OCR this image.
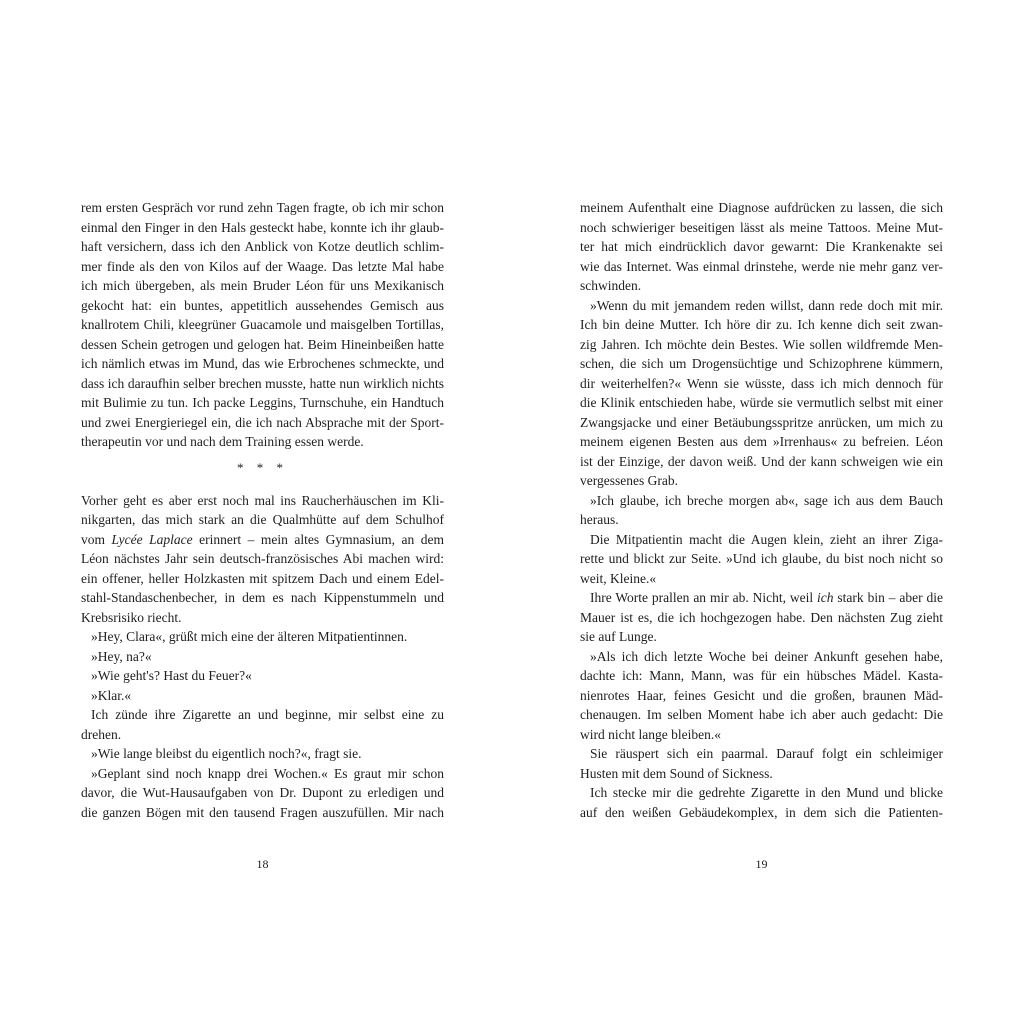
rem ersten Gespräch vor rund zehn Tagen fragte, ob ich mir schon
einmal den Finger in den Hals gesteckt habe, konnte ich ihr glaub-
haft versichern, dass ich den Anblick von Kotze deutlich schlim-
mer finde als den von Kilos auf der Waage. Das letzte Mal habe
ich mich übergeben, als mein Bruder Léon für uns Mexikanisch
gekocht hat: ein buntes, appetitlich aussehendes Gemisch aus
knallrotem Chili, kleegrüner Guacamole und maisgelben Tortillas,
dessen Schein getrogen und gelogen hat. Beim Hineinbeißen hatte
ich nämlich etwas im Mund, das wie Erbrochenes schmeckte, und
dass ich daraufhin selber brechen musste, hatte nun wirklich nichts
mit Bulimie zu tun. Ich packe Leggins, Turnschuhe, ein Handtuch
und zwei Energieriegel ein, die ich nach Absprache mit der Sport-
therapeutin vor und nach dem Training essen werde.
Vorher geht es aber erst noch mal ins Raucherhäuschen im Kli-
nikgarten, das mich stark an die Qualmhütte auf dem Schulhof
vom Lycée Laplace erinnert – mein altes Gymnasium, an dem
Léon nächstes Jahr sein deutsch-französisches Abi machen wird:
ein offener, heller Holzkasten mit spitzem Dach und einem Edel-
stahl-Standaschenbecher, in dem es nach Kippenstummeln und
Krebsrisiko riecht.
»Hey, Clara«, grüßt mich eine der älteren Mitpatientinnen.
»Hey, na?«
»Wie geht's? Hast du Feuer?«
»Klar.«
Ich zünde ihre Zigarette an und beginne, mir selbst eine zu
drehen.
»Wie lange bleibst du eigentlich noch?«, fragt sie.
»Geplant sind noch knapp drei Wochen.« Es graut mir schon
davor, die Wut-Hausaufgaben von Dr. Dupont zu erledigen und
die ganzen Bögen mit den tausend Fragen auszufüllen. Mir nach
* * *
18
meinem Aufenthalt eine Diagnose aufdrücken zu lassen, die sich
noch schwieriger beseitigen lässt als meine Tattoos. Meine Mut-
ter hat mich eindrücklich davor gewarnt: Die Krankenakte sei
wie das Internet. Was einmal drinstehe, werde nie mehr ganz ver-
schwinden.
»Wenn du mit jemandem reden willst, dann rede doch mit mir.
Ich bin deine Mutter. Ich höre dir zu. Ich kenne dich seit zwan-
zig Jahren. Ich möchte dein Bestes. Wie sollen wildfremde Men-
schen, die sich um Drogensüchtige und Schizophrene kümmern,
dir weiterhelfen?« Wenn sie wüsste, dass ich mich dennoch für
die Klinik entschieden habe, würde sie vermutlich selbst mit einer
Zwangsjacke und einer Betäubungsspritze anrücken, um mich zu
meinem eigenen Besten aus dem »Irrenhaus« zu befreien. Léon
ist der Einzige, der davon weiß. Und der kann schweigen wie ein
vergessenes Grab.
»Ich glaube, ich breche morgen ab«, sage ich aus dem Bauch
heraus.
Die Mitpatientin macht die Augen klein, zieht an ihrer Ziga-
rette und blickt zur Seite. »Und ich glaube, du bist noch nicht so
weit, Kleine.«
Ihre Worte prallen an mir ab. Nicht, weil ich stark bin – aber die
Mauer ist es, die ich hochgezogen habe. Den nächsten Zug zieht
sie auf Lunge.
»Als ich dich letzte Woche bei deiner Ankunft gesehen habe,
dachte ich: Mann, Mann, was für ein hübsches Mädel. Kasta-
nienrotes Haar, feines Gesicht und die großen, braunen Mäd-
chenaugen. Im selben Moment habe ich aber auch gedacht: Die
wird nicht lange bleiben.«
Sie räuspert sich ein paarmal. Darauf folgt ein schleimiger
Husten mit dem Sound of Sickness.
Ich stecke mir die gedrehte Zigarette in den Mund und blicke
auf den weißen Gebäudekomplex, in dem sich die Patienten-
19
